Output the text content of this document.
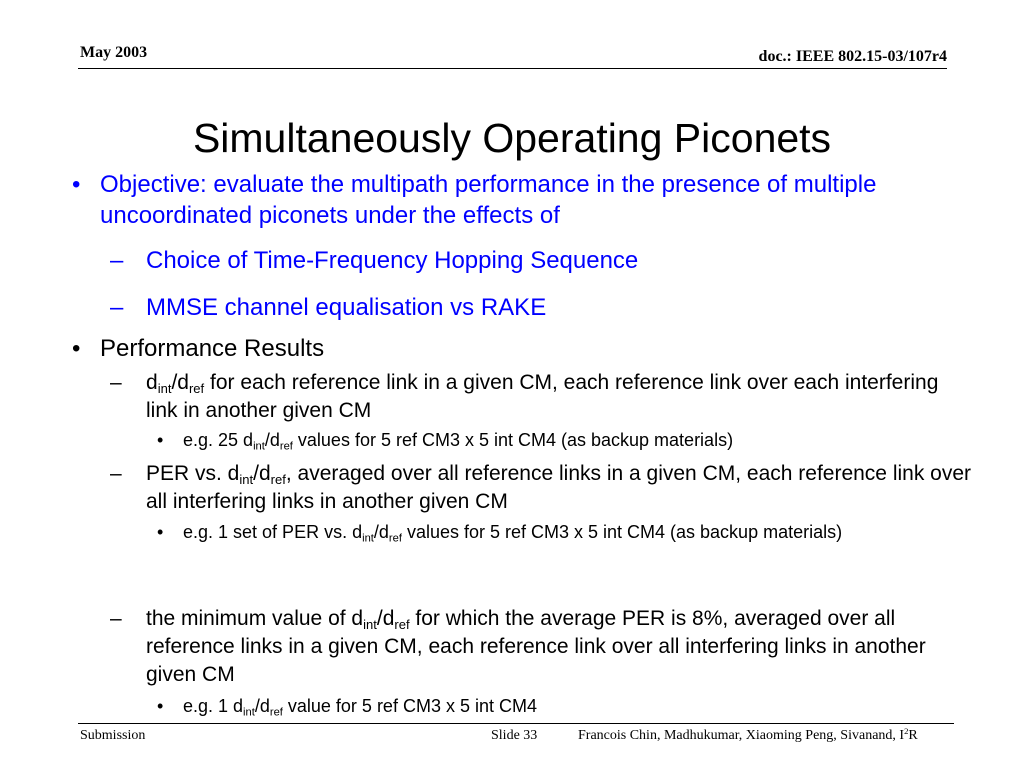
May 2003	doc.: IEEE 802.15-03/107r4
Simultaneously Operating Piconets
• Objective: evaluate the multipath performance in the presence of multiple uncoordinated piconets under the effects of
– Choice of Time-Frequency Hopping Sequence
– MMSE channel equalisation vs RAKE
• Performance Results
–	$d_{int}/d_{ref}$ for each reference link in a given CM, each reference link over each interfering link in another given CM
•	e.g. 25 $d_{int}/d_{ref}$ values for 5 ref CM3 x 5 int CM4 (as backup materials)
–	PER vs. $d_{int}/d_{ref}$, averaged over all reference links in a given CM, each reference link over all interfering links in another given CM
•	e.g. 1 set of PER vs. $d_{int}/d_{ref}$ values for 5 ref CM3 x 5 int CM4 (as backup materials)
–	the minimum value of $d_{int}/d_{ref}$ for which the average PER is 8%, averaged over all reference links in a given CM, each reference link over all interfering links in another given CM
•	e.g. 1 $d_{int}/d_{ref}$ value for 5 ref CM3 x 5 int CM4
Submission	Slide 33	Francois Chin, Madhukumar, Xiaoming Peng, Sivanand, $I^2R$
